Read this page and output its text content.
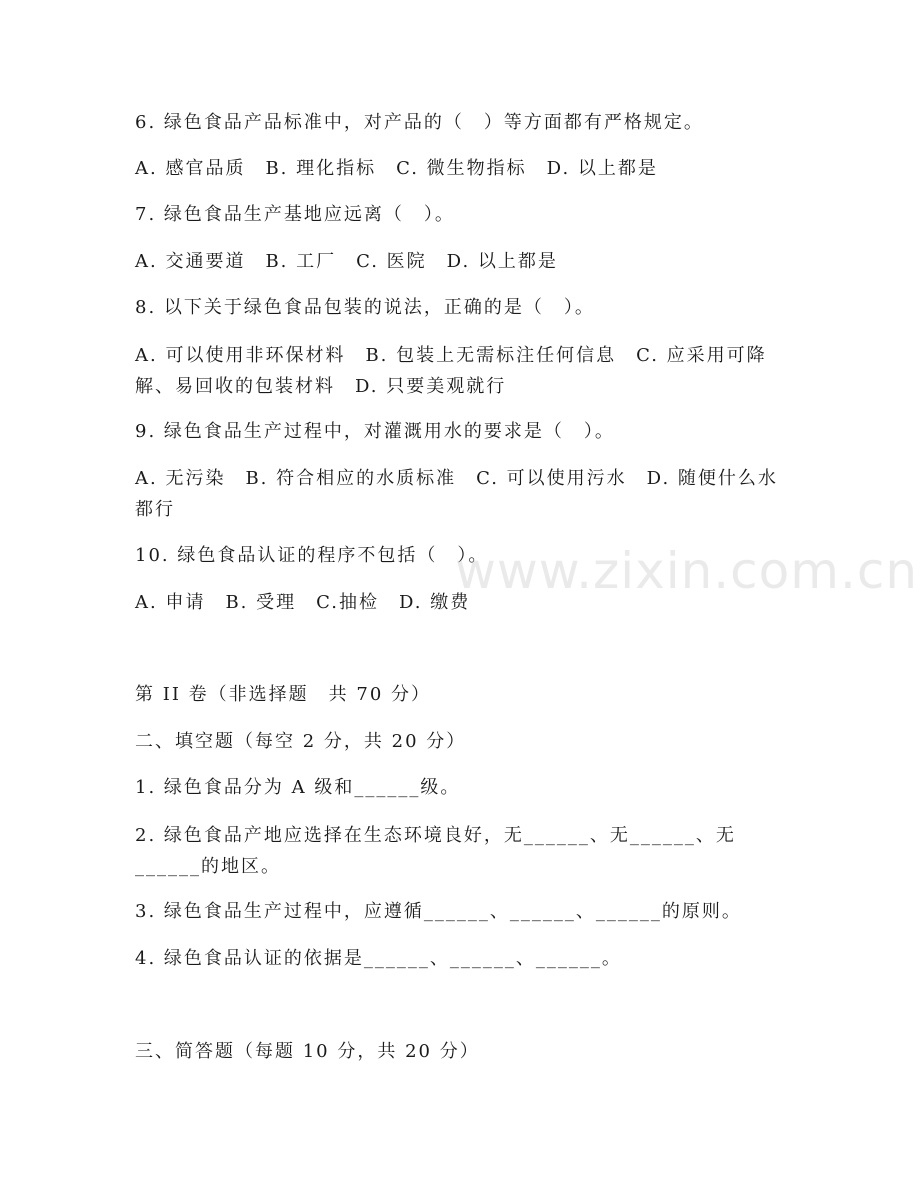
6. 绿色食品产品标准中，对产品的（　）等方面都有严格规定。
A. 感官品质　B. 理化指标　C. 微生物指标　D. 以上都是
7. 绿色食品生产基地应远离（　）。
A. 交通要道　B. 工厂　C. 医院　D. 以上都是
8. 以下关于绿色食品包装的说法，正确的是（　）。
A. 可以使用非环保材料　B. 包装上无需标注任何信息　C. 应采用可降解、易回收的包装材料　D. 只要美观就行
9. 绿色食品生产过程中，对灌溉用水的要求是（　）。
A. 无污染　B. 符合相应的水质标准　C. 可以使用污水　D. 随便什么水都行
10. 绿色食品认证的程序不包括（　）。
A. 申请　B. 受理　C.抽检　D. 缴费
第 II 卷（非选择题　共 70 分）
二、填空题（每空 2 分，共 20 分）
1. 绿色食品分为 A 级和______级。
2. 绿色食品产地应选择在生态环境良好，无______、无______、无______的地区。
3. 绿色食品生产过程中，应遵循______、______、______的原则。
4. 绿色食品认证的依据是______、______、______。
三、简答题（每题 10 分，共 20 分）
www.zixin.com.cn
